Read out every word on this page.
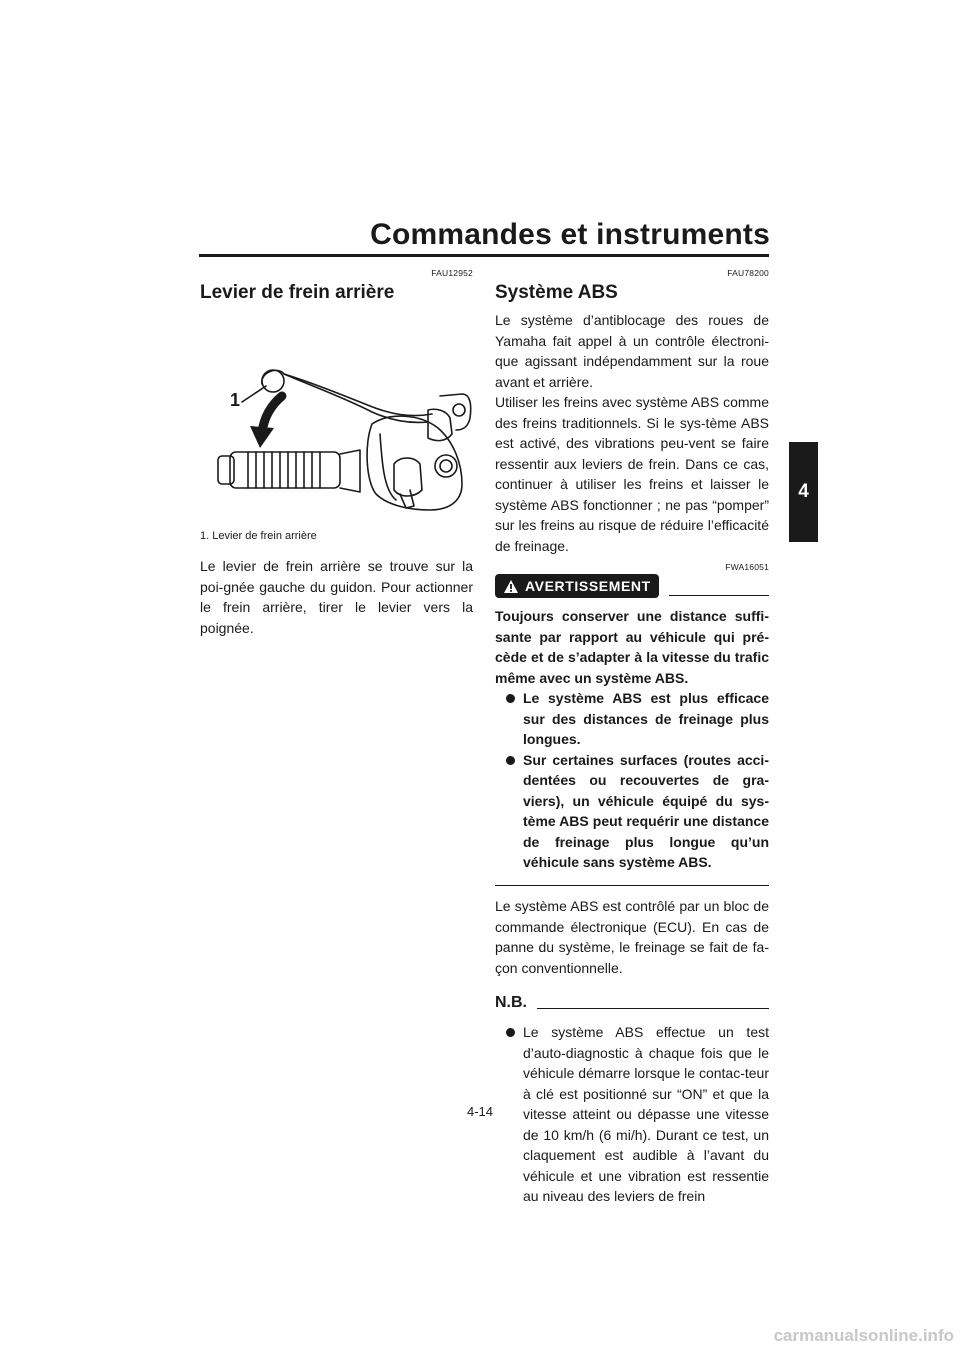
Commandes et instruments
4
FAU12952
Levier de frein arrière
1
1. Levier de frein arrière

Le levier de frein arrière se trouve sur la poi-gnée gauche du guidon. Pour actionner le frein arrière, tirer le levier vers la poignée.

FAU78200
Système ABS

Le système d’antiblocage des roues de Yamaha fait appel à un contrôle électroni-que agissant indépendamment sur la roue avant et arrière.

Utiliser les freins avec système ABS comme des freins traditionnels. Si le sys-tème ABS est activé, des vibrations peu-vent se faire ressentir aux leviers de frein. Dans ce cas, continuer à utiliser les freins et laisser le système ABS fonctionner ; ne pas “pomper” sur les freins au risque de réduire l’efficacité de freinage.

FWA16051
AVERTISSEMENT
Toujours conserver une distance suffi-sante par rapport au véhicule qui pré-cède et de s’adapter à la vitesse du trafic même avec un système ABS.
Le système ABS est plus efficace sur des distances de freinage plus longues.
Sur certaines surfaces (routes acci-dentées ou recouvertes de gra-viers), un véhicule équipé du sys-tème ABS peut requérir une distance de freinage plus longue qu’un véhicule sans système ABS.

Le système ABS est contrôlé par un bloc de commande électronique (ECU). En cas de panne du système, le freinage se fait de fa-çon conventionnelle.

N.B.
Le système ABS effectue un test d’auto-diagnostic à chaque fois que le véhicule démarre lorsque le contac-teur à clé est positionné sur “ON” et que la vitesse atteint ou dépasse une vitesse de 10 km/h (6 mi/h). Durant ce test, un claquement est audible à l’avant du véhicule et une vibration est ressentie au niveau des leviers de frein
4-14
carmanualsonline.info
